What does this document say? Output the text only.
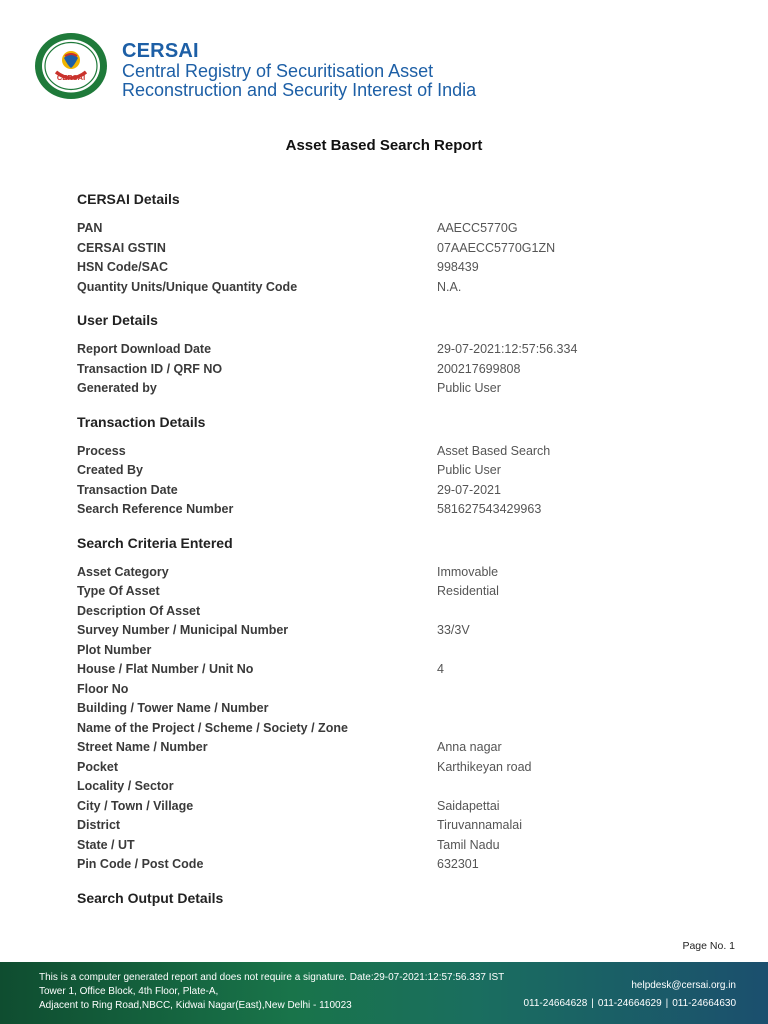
CERSAI
CERSAI
Central Registry of Securitisation Asset
Reconstruction and Security Interest of India
Asset Based Search Report
CERSAI Details
PAN	AAECC5770G
CERSAI GSTIN	07AAECC5770G1ZN
HSN Code/SAC	998439
Quantity Units/Unique Quantity Code	N.A.
User Details
Report Download Date	29-07-2021:12:57:56.334
Transaction ID / QRF NO	200217699808
Generated by	Public User
Transaction Details
Process	Asset Based Search
Created By	Public User
Transaction Date	29-07-2021
Search Reference Number	581627543429963
Search Criteria Entered
Asset Category	Immovable
Type Of Asset	Residential
Description Of Asset
Survey Number / Municipal Number	33/3V
Plot Number
House / Flat Number / Unit No	4
Floor No
Building / Tower Name / Number
Name of the Project / Scheme / Society / Zone
Street Name / Number	Anna nagar
Pocket	Karthikeyan road
Locality / Sector
City / Town / Village	Saidapettai
District	Tiruvannamalai
State / UT	Tamil Nadu
Pin Code / Post Code	632301
Search Output Details
Page No. 1
This is a computer generated report and does not require a signature. Date:29-07-2021:12:57:56.337 IST
Tower 1, Office Block, 4th Floor, Plate-A,
Adjacent to Ring Road,NBCC, Kidwai Nagar(East),New Delhi - 110023
helpdesk@cersai.org.in
011-24664628 | 011-24664629 | 011-24664630
